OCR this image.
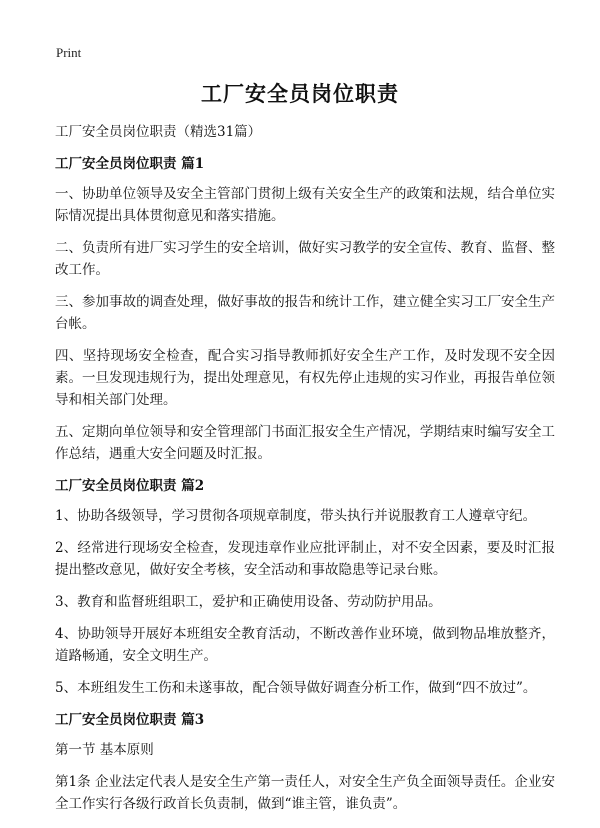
Print
工厂安全员岗位职责

工厂安全员岗位职责（精选31篇）

工厂安全员岗位职责 篇1

一、协助单位领导及安全主管部门贯彻上级有关安全生产的政策和法规，结合单位实际情况提出具体贯彻意见和落实措施。

二、负责所有进厂实习学生的安全培训，做好实习教学的安全宣传、教育、监督、整改工作。

三、参加事故的调查处理，做好事故的报告和统计工作，建立健全实习工厂安全生产台帐。

四、坚持现场安全检查，配合实习指导教师抓好安全生产工作，及时发现不安全因素。一旦发现违规行为，提出处理意见，有权先停止违规的实习作业，再报告单位领导和相关部门处理。

五、定期向单位领导和安全管理部门书面汇报安全生产情况，学期结束时编写安全工作总结，遇重大安全问题及时汇报。

工厂安全员岗位职责 篇2

1、协助各级领导，学习贯彻各项规章制度，带头执行并说服教育工人遵章守纪。

2、经常进行现场安全检查，发现违章作业应批评制止，对不安全因素，要及时汇报提出整改意见，做好安全考核，安全活动和事故隐患等记录台账。

3、教育和监督班组职工，爱护和正确使用设备、劳动防护用品。

4、协助领导开展好本班组安全教育活动，不断改善作业环境，做到物品堆放整齐，道路畅通，安全文明生产。

5、本班组发生工伤和未遂事故，配合领导做好调查分析工作，做到“四不放过”。

工厂安全员岗位职责 篇3

第一节 基本原则

第1条 企业法定代表人是安全生产第一责任人，对安全生产负全面领导责任。企业安全工作实行各级行政首长负责制，做到“谁主管，谁负责”。
